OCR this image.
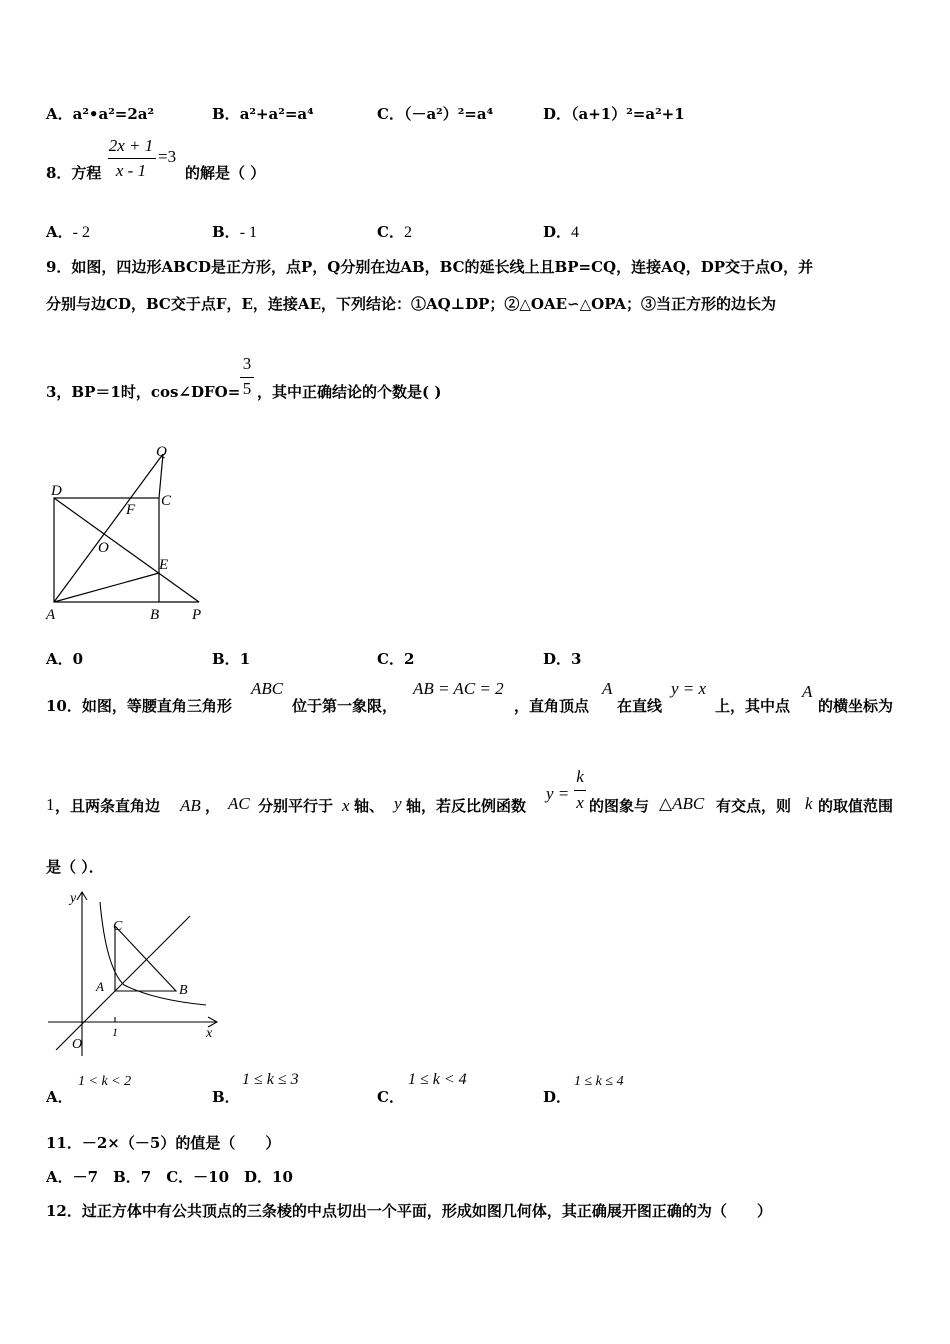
A．a²•a²=2a²	B．a²+a²=a⁴	C．（－a²）²=a⁴	D．（a+1）²=a²+1
8．方程
2x + 1
x - 1
=3
的解是（ ）
A．- 2	B．- 1	C．2	D．4
9．如图，四边形ABCD是正方形，点P，Q分别在边AB，BC的延长线上且BP=CQ，连接AQ，DP交于点O，并
分别与边CD，BC交于点F，E，连接AE，下列结论：①AQ⊥DP；②△OAE∽△OPA；③当正方形的边长为
3，BP＝1时，cos∠DFO=
3
5 ，其中正确结论的个数是( )
Q
D
C
F
O
E
A	B P
A．0	B．1	C．2	D．3
10．如图，等腰直角三角形
ABC
位于第一象限，
AB = AC = 2
，直角顶点
A
在直线
y = x
上，其中点
A
的横坐标为
1 ，且两条直角边 AB ， AC 分别平行于 x 轴、 y 轴，若反比例函数
y =
k
x 的图象与 △ABC 有交点，则 k 的取值范围
是（ ）．
y
C
A	B
O
1	x
A．
1 < k < 2
B．
1 ≤ k ≤ 3
C．
1 ≤ k < 4
D．
1 ≤ k ≤ 4
11．－2×（－5）的值是（　　）
A．－7　B．7　C．－10　D．10
12．过正方体中有公共顶点的三条棱的中点切出一个平面，形成如图几何体，其正确展开图正确的为（　　）
